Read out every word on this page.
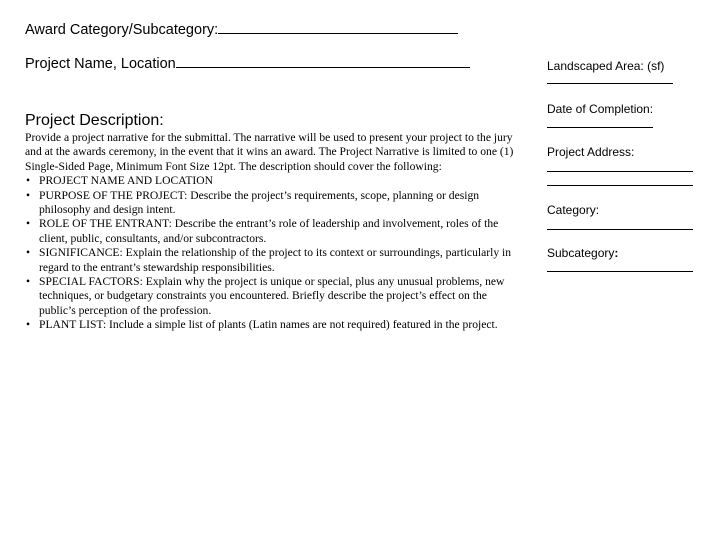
Award Category/Subcategory:
Project Name, Location
Project Description:

Provide a project narrative for the submittal. The narrative will be used to present your project to the jury and at the awards ceremony, in the event that it wins an award. The Project Narrative is limited to one (1) Single-Sided Page, Minimum Font Size 12pt. The description should cover the following:

• PROJECT NAME AND LOCATION
• PURPOSE OF THE PROJECT: Describe the project’s requirements, scope, planning or design philosophy and design intent.
• ROLE OF THE ENTRANT: Describe the entrant’s role of leadership and involvement, roles of the client, public, consultants, and/or subcontractors.
• SIGNIFICANCE: Explain the relationship of the project to its context or surroundings, particularly in regard to the entrant’s stewardship responsibilities.
• SPECIAL FACTORS: Explain why the project is unique or special, plus any unusual problems, new techniques, or budgetary constraints you encountered. Briefly describe the project’s effect on the public’s perception of the profession.
• PLANT LIST: Include a simple list of plants (Latin names are not required) featured in the project.
Landscaped Area: (sf)
Date of Completion:
Project Address:
Category:
Subcategory:
